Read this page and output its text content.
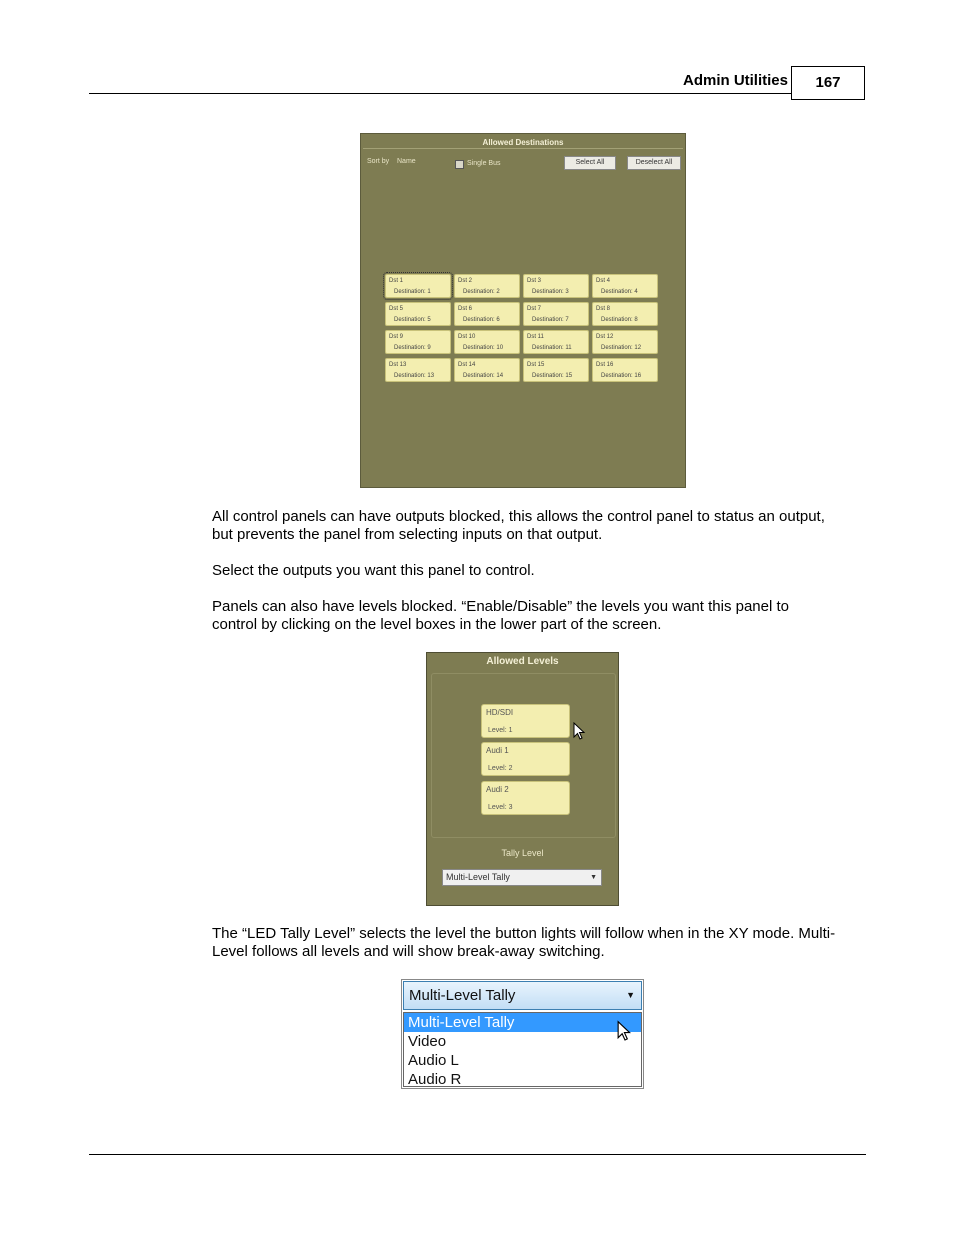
Admin Utilities	167
Allowed Destinations
Sort by Name	Single Bus	Select All	Deselect All
Dst 1
Destination: 1
Dst 2
Destination: 2
Dst 3
Destination: 3
Dst 4
Destination: 4
Dst 5
Destination: 5
Dst 6
Destination: 6
Dst 7
Destination: 7
Dst 8
Destination: 8
Dst 9
Destination: 9
Dst 10
Destination: 10
Dst 11
Destination: 11
Dst 12
Destination: 12
Dst 13
Destination: 13
Dst 14
Destination: 14
Dst 15
Destination: 15
Dst 16
Destination: 16

All control panels can have outputs blocked, this allows the control panel to status an output, but prevents the panel from selecting inputs on that output.

Select the outputs you want this panel to control.

Panels can also have levels blocked. “Enable/Disable” the levels you want this panel to control by clicking on the level boxes in the lower part of the screen.

Allowed Levels
HD/SDI
Level: 1
Audi 1
Level: 2
Audi 2
Level: 3
Tally Level
Multi-Level Tally	▼

The “LED Tally Level” selects the level the button lights will follow when in the XY mode. Multi-Level follows all levels and will show break-away switching.

Multi-Level Tally	▼
Multi-Level Tally
Video
Audio L
Audio R
